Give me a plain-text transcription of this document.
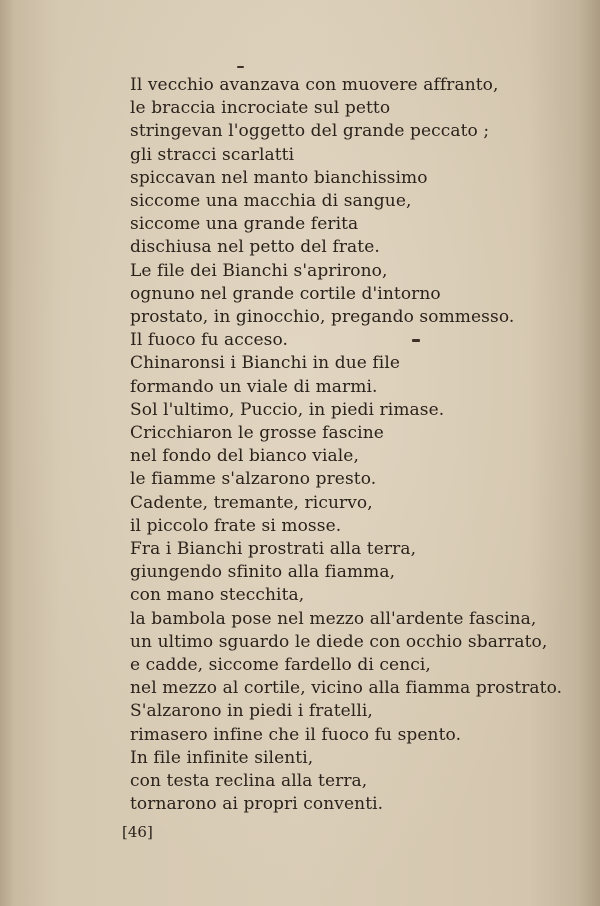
Il vecchio avanzava con muovere affranto,
le braccia incrociate sul petto
stringevan l'oggetto del grande peccato ;
gli stracci scarlatti
spiccavan nel manto bianchissimo
siccome una macchia di sangue,
siccome una grande ferita
dischiusa nel petto del frate.
Le file dei Bianchi s'aprirono,
ognuno nel grande cortile d'intorno
prostato, in ginocchio, pregando sommesso.
Il fuoco fu acceso.
Chinaronsi i Bianchi in due file
formando un viale di marmi.
Sol l'ultimo, Puccio, in piedi rimase.
Cricchiaron le grosse fascine
nel fondo del bianco viale,
le fiamme s'alzarono presto.
Cadente, tremante, ricurvo,
il piccolo frate si mosse.
Fra i Bianchi prostrati alla terra,
giungendo sfinito alla fiamma,
con mano stecchita,
la bambola pose nel mezzo all'ardente fascina,
un ultimo sguardo le diede con occhio sbarrato,
e cadde, siccome fardello di cenci,
nel mezzo al cortile, vicino alla fiamma prostrato.
S'alzarono in piedi i fratelli,
rimasero infine che il fuoco fu spento.
In file infinite silenti,
con testa reclina alla terra,
tornarono ai propri conventi.
[46]
